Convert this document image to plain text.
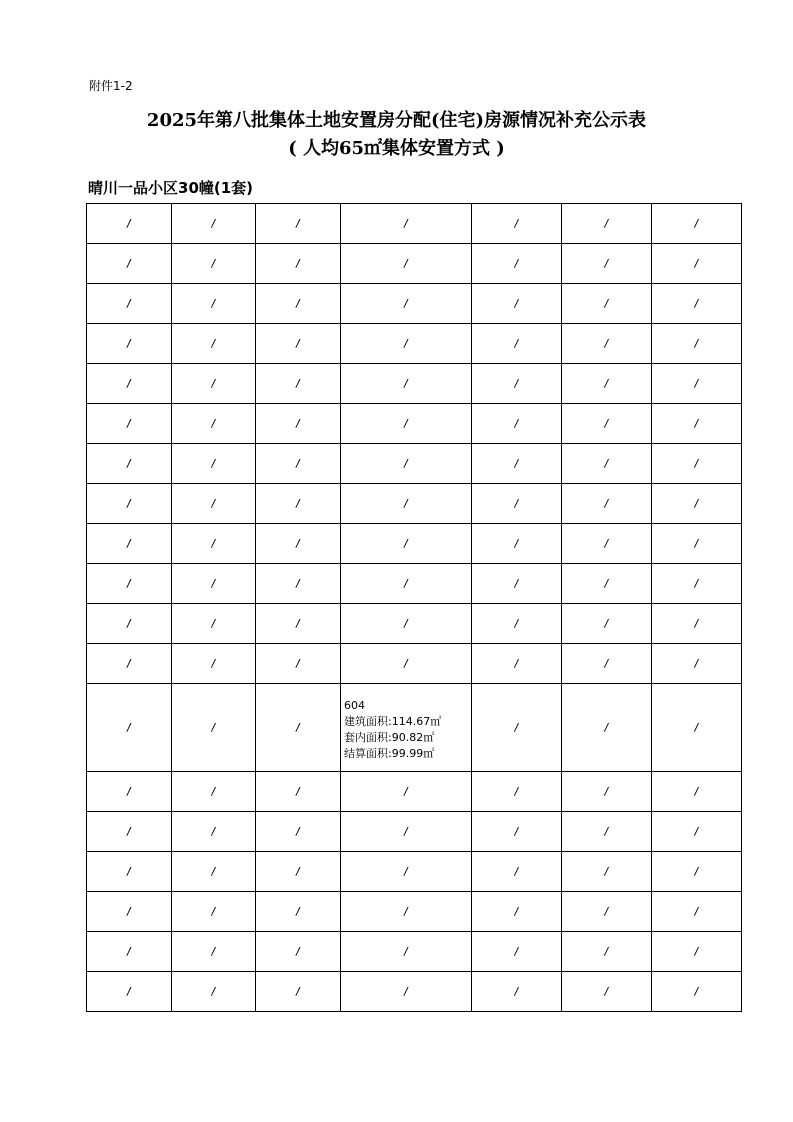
附件1-2
2025年第八批集体土地安置房分配(住宅)房源情况补充公示表
( 人均65㎡集体安置方式 )
晴川一品小区30幢(1套)
/	/	/	/	/	/	/
/	/	/	/	/	/	/
/	/	/	/	/	/	/
/	/	/	/	/	/	/
/	/	/	/	/	/	/
/	/	/	/	/	/	/
/	/	/	/	/	/	/
/	/	/	/	/	/	/
/	/	/	/	/	/	/
/	/	/	/	/	/	/
/	/	/	/	/	/	/
/	/	/	/	/	/	/
/	/	/	604
建筑面积:114.67㎡
套内面积:90.82㎡
结算面积:99.99㎡	/	/	/
/	/	/	/	/	/	/
/	/	/	/	/	/	/
/	/	/	/	/	/	/
/	/	/	/	/	/	/
/	/	/	/	/	/	/
/	/	/	/	/	/	/
